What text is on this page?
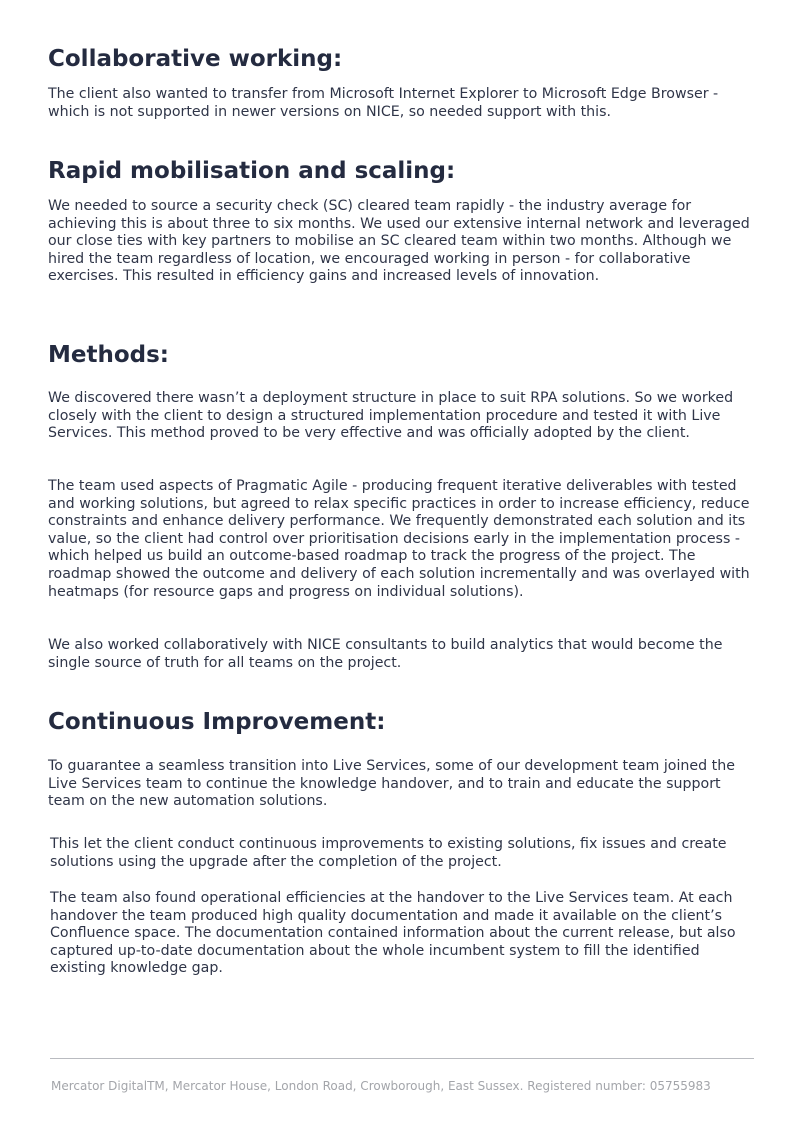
Collaborative working:

The client also wanted to transfer from Microsoft Internet Explorer to Microsoft Edge Browser - which is not supported in newer versions on NICE, so needed support with this.

Rapid mobilisation and scaling:

We needed to source a security check (SC) cleared team rapidly - the industry average for achieving this is about three to six months. We used our extensive internal network and leveraged our close ties with key partners to mobilise an SC cleared team within two months. Although we hired the team regardless of location, we encouraged working in person - for collaborative exercises. This resulted in efficiency gains and increased levels of innovation.

Methods:

We discovered there wasn’t a deployment structure in place to suit RPA solutions. So we worked closely with the client to design a structured implementation procedure and tested it with Live Services. This method proved to be very effective and was officially adopted by the client.

The team used aspects of Pragmatic Agile - producing frequent iterative deliverables with tested and working solutions, but agreed to relax specific practices in order to increase efficiency, reduce constraints and enhance delivery performance. We frequently demonstrated each solution and its value, so the client had control over prioritisation decisions early in the implementation process - which helped us build an outcome-based roadmap to track the progress of the project. The roadmap showed the outcome and delivery of each solution incrementally and was overlayed with heatmaps (for resource gaps and progress on individual solutions).

We also worked collaboratively with NICE consultants to build analytics that would become the single source of truth for all teams on the project.

Continuous Improvement:

To guarantee a seamless transition into Live Services, some of our development team joined the Live Services team to continue the knowledge handover, and to train and educate the support team on the new automation solutions.

This let the client conduct continuous improvements to existing solutions, fix issues and create solutions using the upgrade after the completion of the project.

The team also found operational efficiencies at the handover to the Live Services team. At each handover the team produced high quality documentation and made it available on the client’s Confluence space. The documentation contained information about the current release, but also captured up-to-date documentation about the whole incumbent system to fill the identified existing knowledge gap.

Mercator DigitalTM, Mercator House, London Road, Crowborough, East Sussex. Registered number: 05755983
